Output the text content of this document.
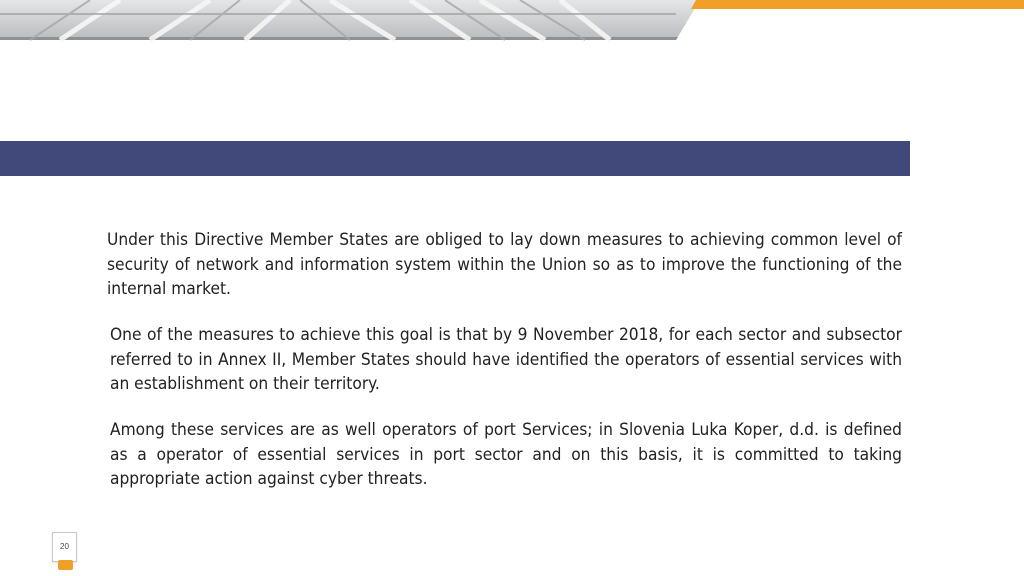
Under this Directive Member States are obliged to lay down measures to achieving common level of security of network and information system within the Union so as to improve the functioning of the internal market.

One of the measures to achieve this goal is that by 9 November 2018, for each sector and subsector referred to in Annex II, Member States should have identified the operators of essential services with an establishment on their territory.

Among these services are as well operators of port Services; in Slovenia Luka Koper, d.d. is defined as a operator of essential services in port sector and on this basis, it is committed to taking appropriate action against cyber threats.

20
